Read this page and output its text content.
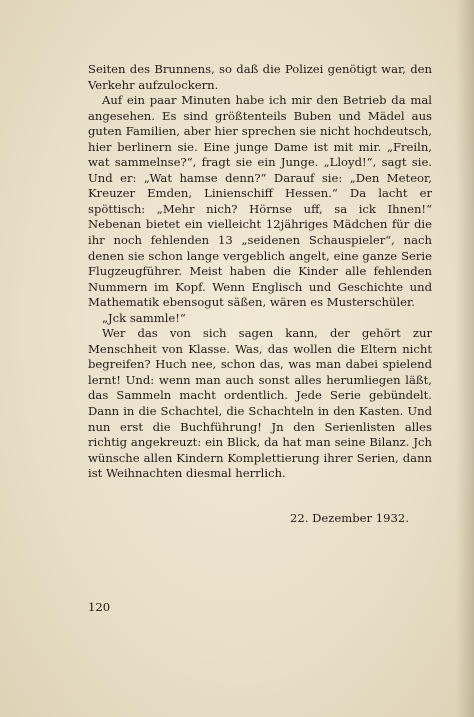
Seiten des Brunnens, so daß die Polizei genötigt war, den Verkehr aufzulockern.

Auf ein paar Minuten habe ich mir den Betrieb da mal angesehen. Es sind größtenteils Buben und Mädel aus guten Familien, aber hier sprechen sie nicht hochdeutsch, hier berlinern sie. Eine junge Dame ist mit mir. „Freiln, wat sammelnse?“, fragt sie ein Junge. „Lloyd!“, sagt sie. Und er: „Wat hamse denn?“ Darauf sie: „Den Meteor, Kreuzer Emden, Linienschiff Hessen.“ Da lacht er spöttisch: „Mehr nich? Hörnse uff, sa ick Ihnen!“ Nebenan bietet ein vielleicht 12jähriges Mädchen für die ihr noch fehlenden 13 „seidenen Schauspieler“, nach denen sie schon lange vergeblich angelt, eine ganze Serie Flugzeugführer. Meist haben die Kinder alle fehlenden Nummern im Kopf. Wenn Englisch und Geschichte und Mathematik ebensogut säßen, wären es Musterschüler.

„Jck sammle!“

Wer das von sich sagen kann, der gehört zur Menschheit von Klasse. Was, das wollen die Eltern nicht begreifen? Huch nee, schon das, was man dabei spielend lernt! Und: wenn man auch sonst alles herumliegen läßt, das Sammeln macht ordentlich. Jede Serie gebündelt. Dann in die Schachtel, die Schachteln in den Kasten. Und nun erst die Buchführung! Jn den Serienlisten alles richtig angekreuzt: ein Blick, da hat man seine Bilanz. Jch wünsche allen Kindern Komplettierung ihrer Serien, dann ist Weihnachten diesmal herrlich.

22. Dezember 1932.
120
